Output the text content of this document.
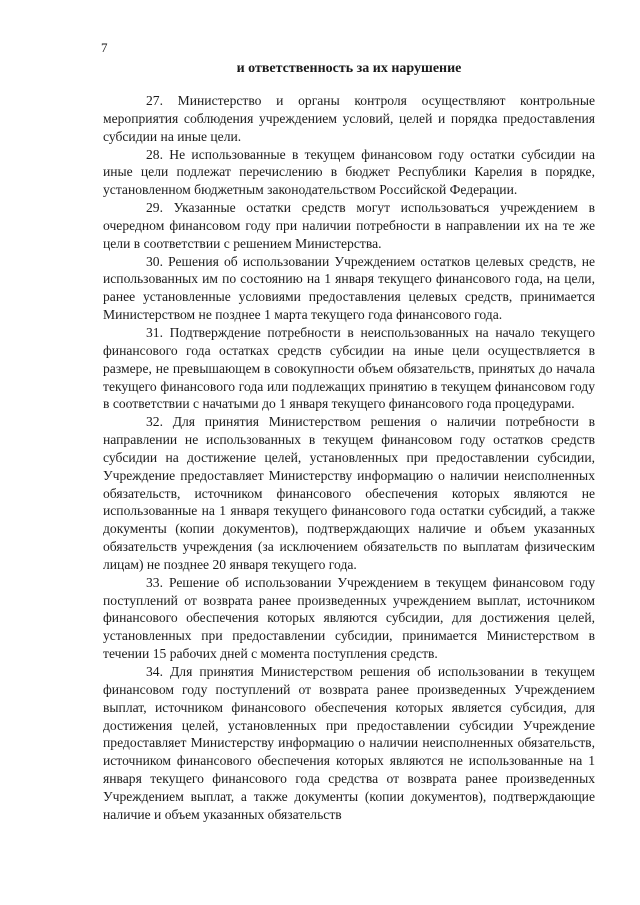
7
и ответственность за их нарушение

27. Министерство и органы контроля осуществляют контрольные мероприятия соблюдения учреждением условий, целей и порядка предоставления субсидии на иные цели.

28. Не использованные в текущем финансовом году остатки субсидии на иные цели подлежат перечислению в бюджет Республики Карелия в порядке, установленном бюджетным законодательством Российской Федерации.

29. Указанные остатки средств могут использоваться учреждением в очередном финансовом году при наличии потребности в направлении их на те же цели в соответствии с решением Министерства.

30. Решения об использовании Учреждением остатков целевых средств, не использованных им по состоянию на 1 января текущего финансового года, на цели, ранее установленные условиями предоставления целевых средств, принимается Министерством не позднее 1 марта текущего года финансового года.

31. Подтверждение потребности в неиспользованных на начало текущего финансового года остатках средств субсидии на иные цели осуществляется в размере, не превышающем в совокупности объем обязательств, принятых до начала текущего финансового года или подлежащих принятию в текущем финансовом году в соответствии с начатыми до 1 января текущего финансового года процедурами.

32. Для принятия Министерством решения о наличии потребности в направлении не использованных в текущем финансовом году остатков средств субсидии на достижение целей, установленных при предоставлении субсидии, Учреждение предоставляет Министерству информацию о наличии неисполненных обязательств, источником финансового обеспечения которых являются не использованные на 1 января текущего финансового года остатки субсидий, а также документы (копии документов), подтверждающих наличие и объем указанных обязательств учреждения (за исключением обязательств по выплатам физическим лицам) не позднее 20 января текущего года.

33. Решение об использовании Учреждением в текущем финансовом году поступлений от возврата ранее произведенных учреждением выплат, источником финансового обеспечения которых являются субсидии, для достижения целей, установленных при предоставлении субсидии, принимается Министерством в течении 15 рабочих дней с момента поступления средств.

34. Для принятия Министерством решения об использовании в текущем финансовом году поступлений от возврата ранее произведенных Учреждением выплат, источником финансового обеспечения которых является субсидия, для достижения целей, установленных при предоставлении субсидии Учреждение предоставляет Министерству информацию о наличии неисполненных обязательств, источником финансового обеспечения которых являются не использованные на 1 января текущего финансового года средства от возврата ранее произведенных Учреждением выплат, а также документы (копии документов), подтверждающие наличие и объем указанных обязательств
